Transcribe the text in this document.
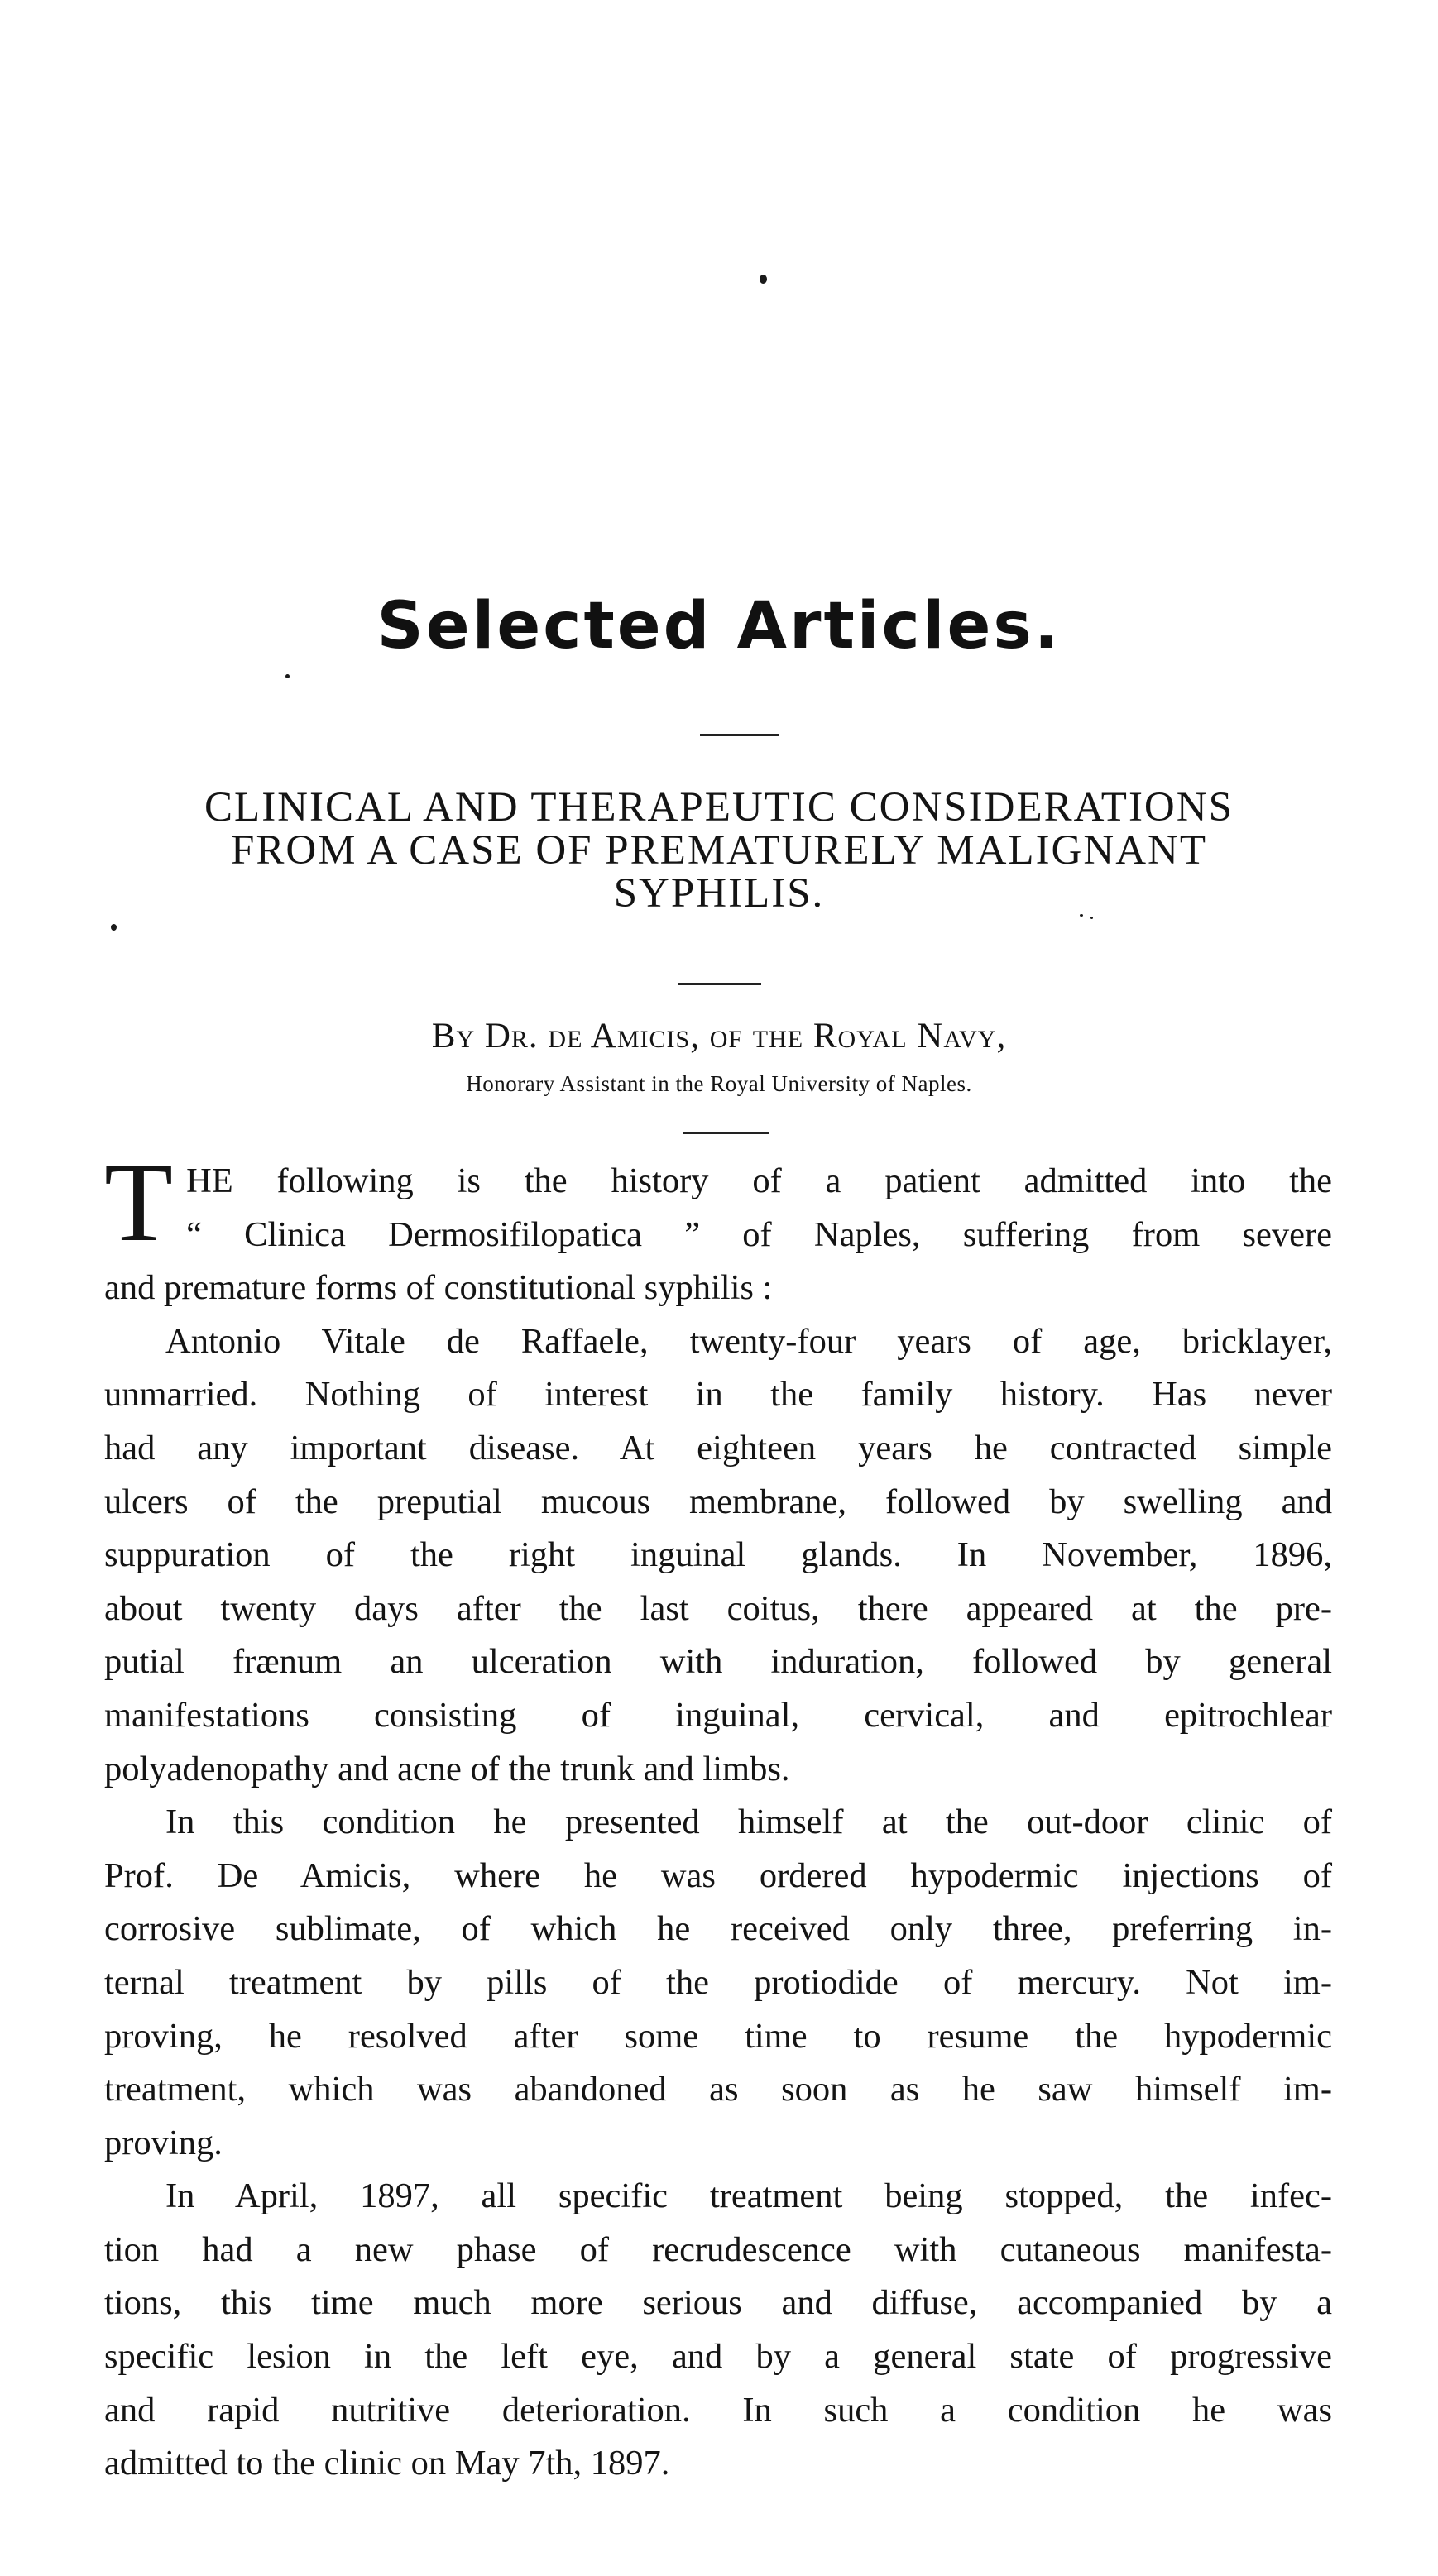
Selected Articles.
CLINICAL AND THERAPEUTIC CONSIDERATIONS
FROM A CASE OF PREMATURELY MALIGNANT
SYPHILIS.

By Dr. de Amicis, of the Royal Navy,

Honorary Assistant in the Royal University of Naples.

T HE following is the history of a patient admitted into the
“ Clinica Dermosifilopatica ” of Naples, suffering from severe
and premature forms of constitutional syphilis :

Antonio Vitale de Raffaele, twenty-four years of age, bricklayer,
unmarried. Nothing of interest in the family history. Has never
had any important disease. At eighteen years he contracted simple
ulcers of the preputial mucous membrane, followed by swelling and
suppuration of the right inguinal glands. In November, 1896,
about twenty days after the last coitus, there appeared at the pre-
putial frænum an ulceration with induration, followed by general
manifestations consisting of inguinal, cervical, and epitrochlear
polyadenopathy and acne of the trunk and limbs.

In this condition he presented himself at the out-door clinic of
Prof. De Amicis, where he was ordered hypodermic injections of
corrosive sublimate, of which he received only three, preferring in-
ternal treatment by pills of the protiodide of mercury. Not im-
proving, he resolved after some time to resume the hypodermic
treatment, which was abandoned as soon as he saw himself im-
proving.

In April, 1897, all specific treatment being stopped, the infec-
tion had a new phase of recrudescence with cutaneous manifesta-
tions, this time much more serious and diffuse, accompanied by a
specific lesion in the left eye, and by a general state of progressive
and rapid nutritive deterioration. In such a condition he was
admitted to the clinic on May 7th, 1897.
